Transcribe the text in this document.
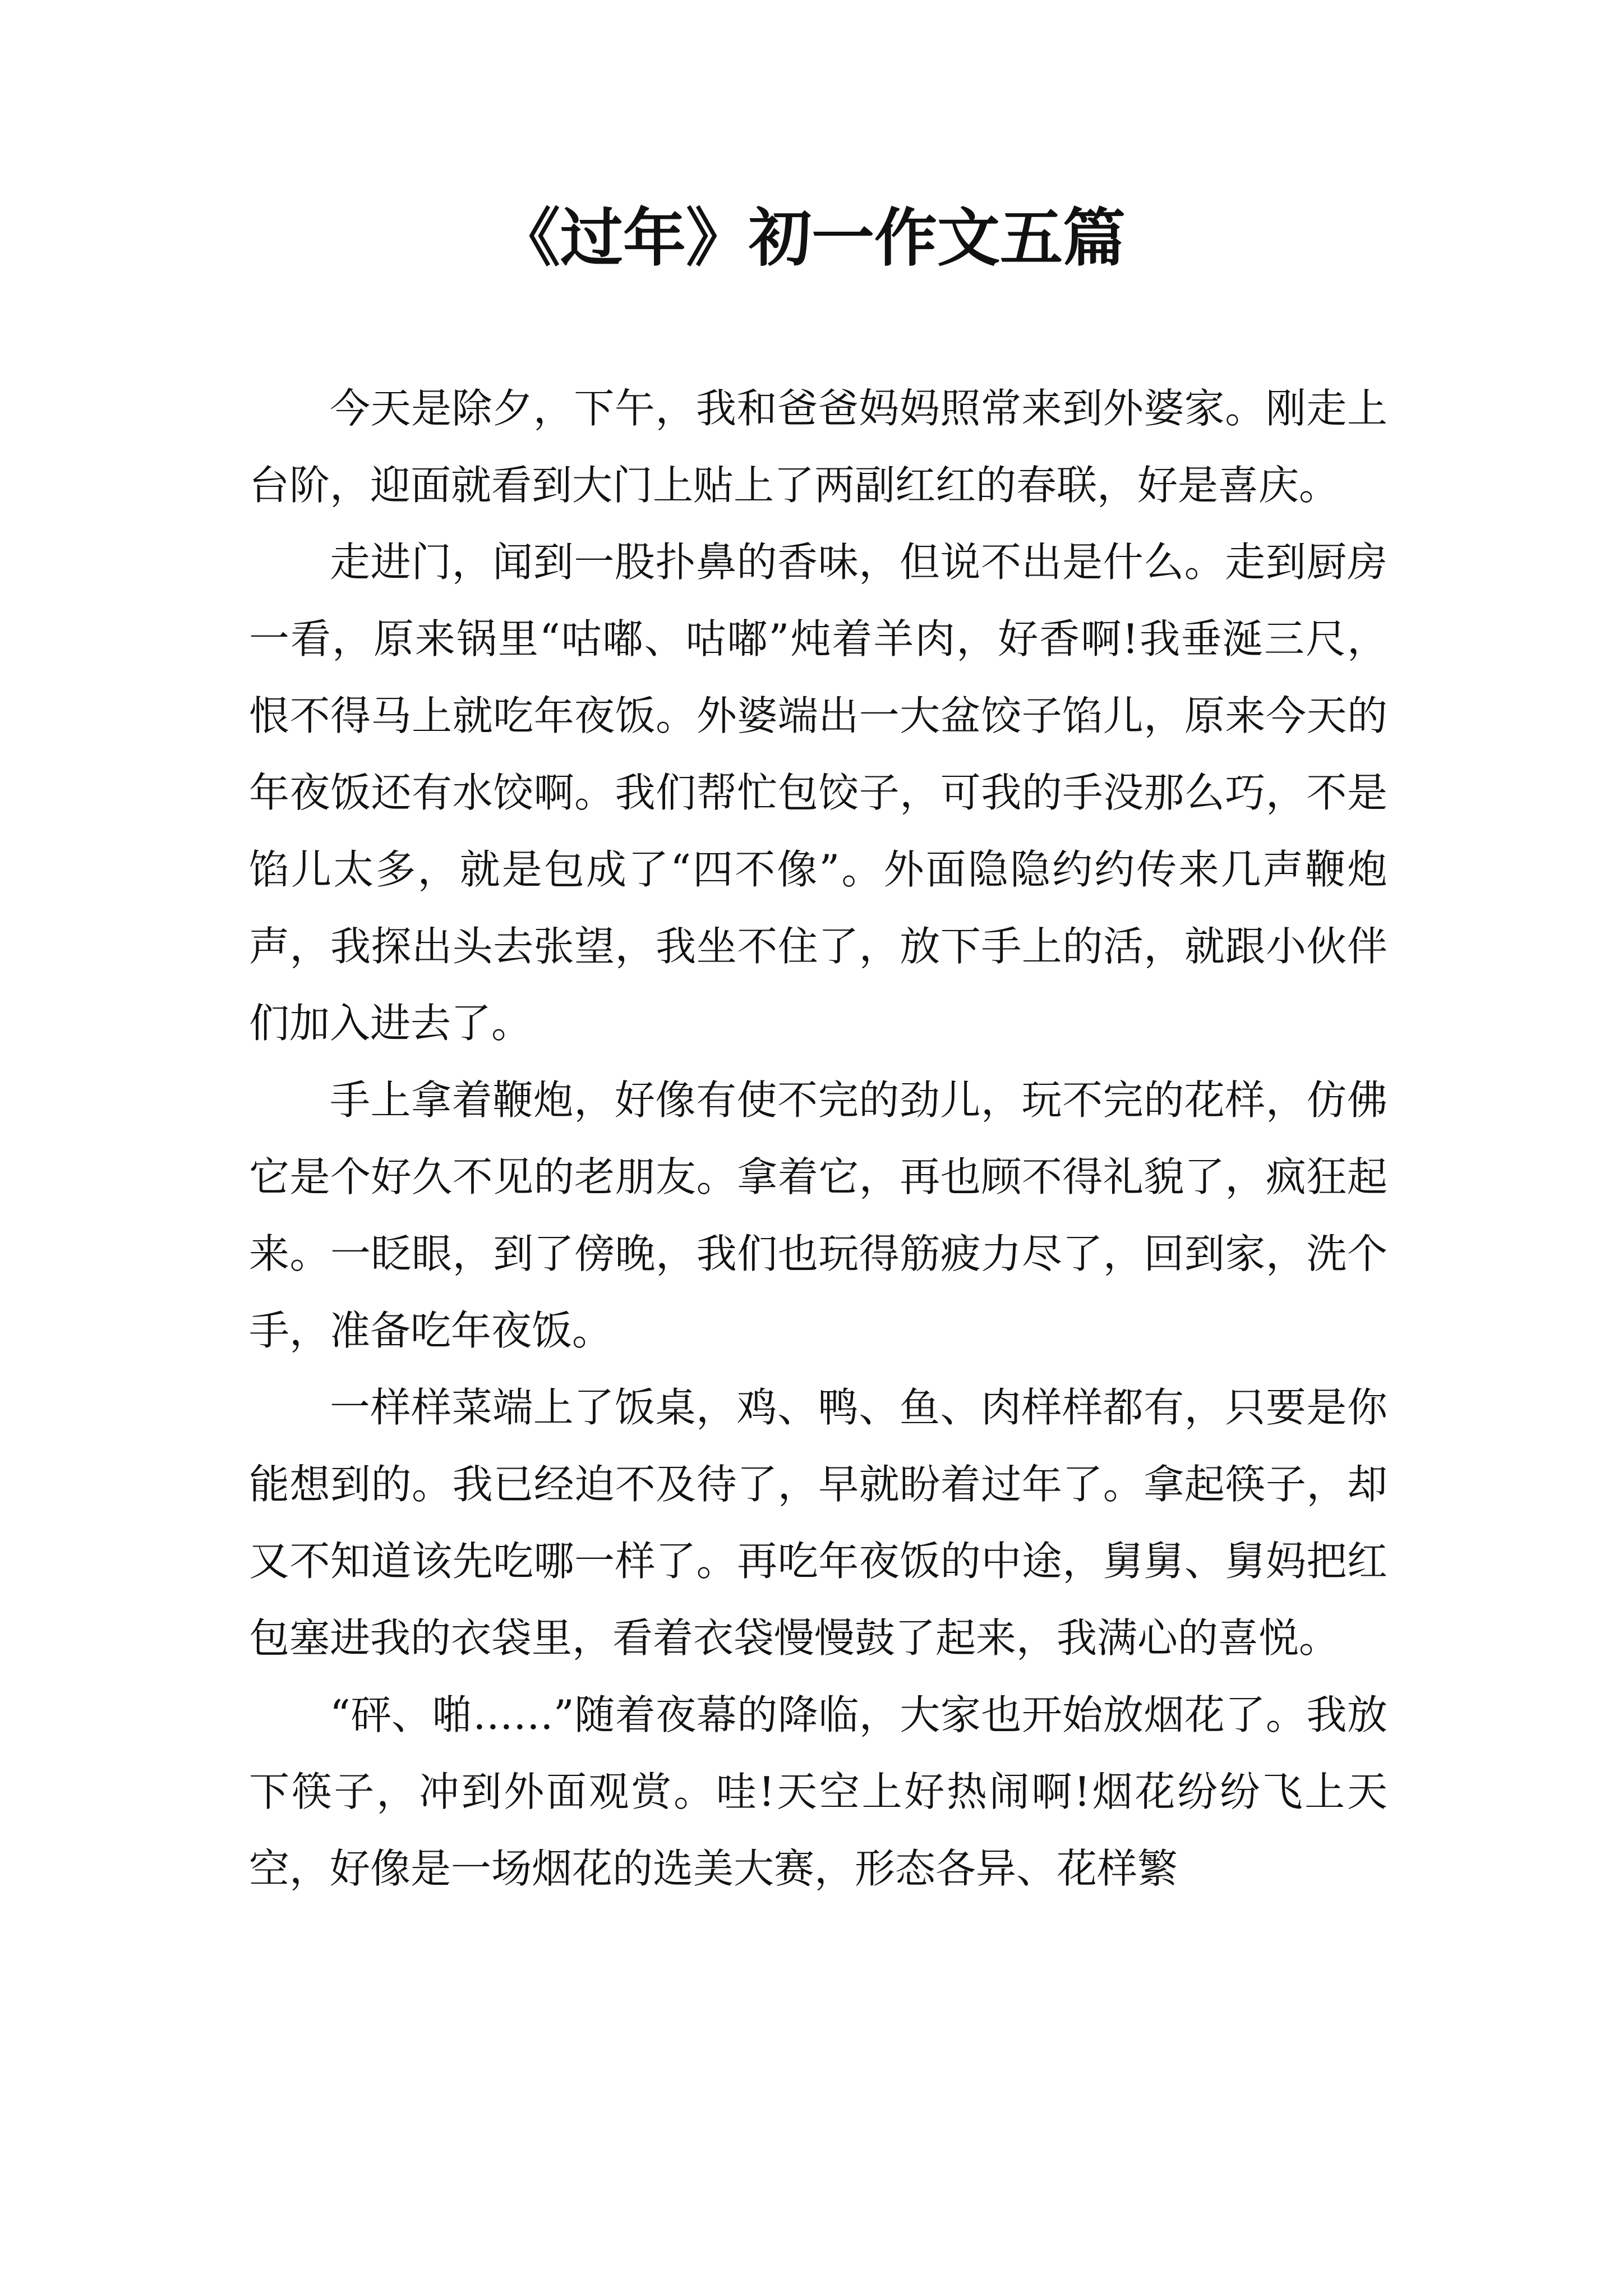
《过年》初一作文五篇

今天是除夕，下午，我和爸爸妈妈照常来到外婆家。刚走上台阶，迎面就看到大门上贴上了两副红红的春联，好是喜庆。

走进门，闻到一股扑鼻的香味，但说不出是什么。走到厨房一看，原来锅里“咕嘟、咕嘟”炖着羊肉，好香啊!我垂涎三尺，恨不得马上就吃年夜饭。外婆端出一大盆饺子馅儿，原来今天的年夜饭还有水饺啊。我们帮忙包饺子，可我的手没那么巧，不是馅儿太多，就是包成了“四不像”。外面隐隐约约传来几声鞭炮声，我探出头去张望，我坐不住了，放下手上的活，就跟小伙伴们加入进去了。

手上拿着鞭炮，好像有使不完的劲儿，玩不完的花样，仿佛它是个好久不见的老朋友。拿着它，再也顾不得礼貌了，疯狂起来。一眨眼，到了傍晚，我们也玩得筋疲力尽了，回到家，洗个手，准备吃年夜饭。

一样样菜端上了饭桌，鸡、鸭、鱼、肉样样都有，只要是你能想到的。我已经迫不及待了，早就盼着过年了。拿起筷子，却又不知道该先吃哪一样了。再吃年夜饭的中途，舅舅、舅妈把红包塞进我的衣袋里，看着衣袋慢慢鼓了起来，我满心的喜悦。

“砰、啪……”随着夜幕的降临，大家也开始放烟花了。我放下筷子，冲到外面观赏。哇!天空上好热闹啊!烟花纷纷飞上天空，好像是一场烟花的选美大赛，形态各异、花样繁
